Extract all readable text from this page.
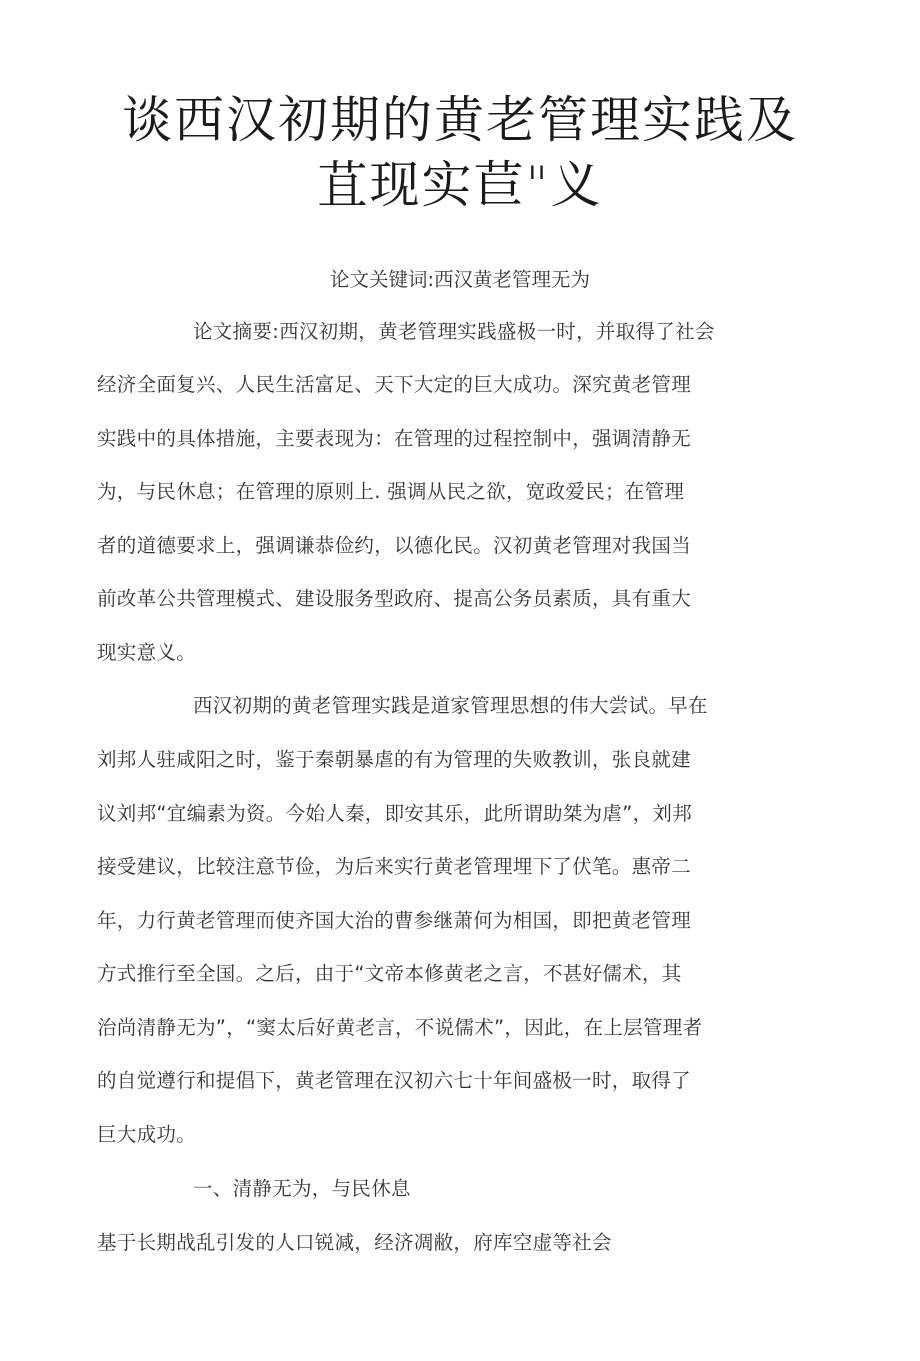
谈西汉初期的黄老管理实践及
苴现实苣"义
论文关键词:西汉黄老管理无为
论文摘要:西汉初期，黄老管理实践盛极一时，并取得了社会
经济全面复兴、人民生活富足、天下大定的巨大成功。深究黄老管理
实践中的具体措施，主要表现为：在管理的过程控制中，强调清静无
为，与民休息；在管理的原则上. 强调从民之欲，宽政爱民；在管理
者的道德要求上，强调谦恭俭约，以德化民。汉初黄老管理对我国当
前改革公共管理模式、建设服务型政府、提高公务员素质，具有重大
现实意义。
西汉初期的黄老管理实践是道家管理思想的伟大尝试。早在
刘邦人驻咸阳之时，鉴于秦朝暴虐的有为管理的失败教训，张良就建
议刘邦“宜编素为资。今始人秦，即安其乐，此所谓助桀为虐”，刘邦
接受建议，比较注意节俭，为后来实行黄老管理埋下了伏笔。惠帝二
年，力行黄老管理而使齐国大治的曹参继萧何为相国，即把黄老管理
方式推行至全国。之后，由于“文帝本修黄老之言，不甚好儒术，其
治尚清静无为”，“窦太后好黄老言，不说儒术”，因此，在上层管理者
的自觉遵行和提倡下，黄老管理在汉初六七十年间盛极一时，取得了
巨大成功。
一、清静无为，与民休息
基于长期战乱引发的人口锐减，经济凋敝，府库空虚等社会
